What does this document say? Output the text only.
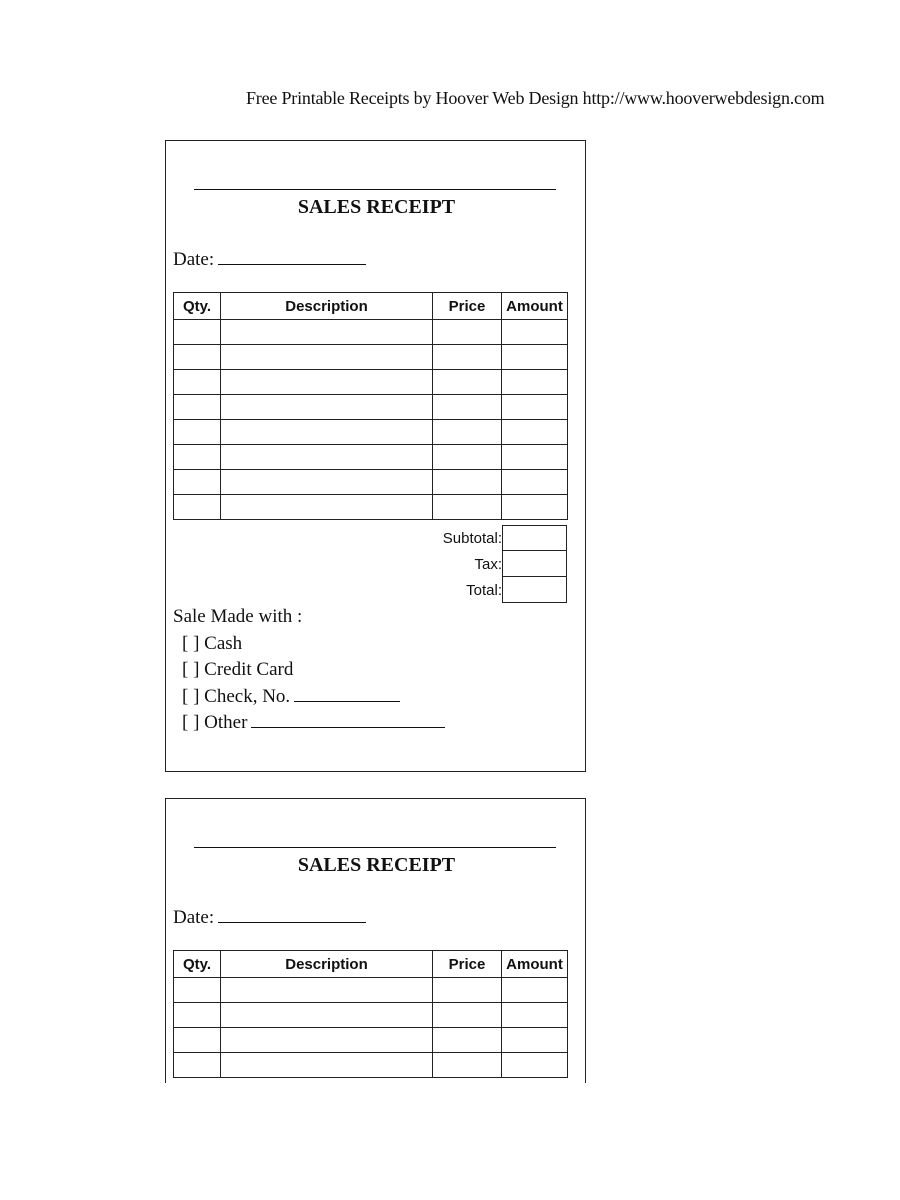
Free Printable Receipts by Hoover Web Design http://www.hooverwebdesign.com
SALES RECEIPT
Date:
Qty.	Description	Price	Amount

Subtotal:
Tax:
Total:
Sale Made with :
[ ] Cash
[ ] Credit Card
[ ] Check, No.
[ ] Other
SALES RECEIPT
Date:
Qty.	Description	Price	Amount
